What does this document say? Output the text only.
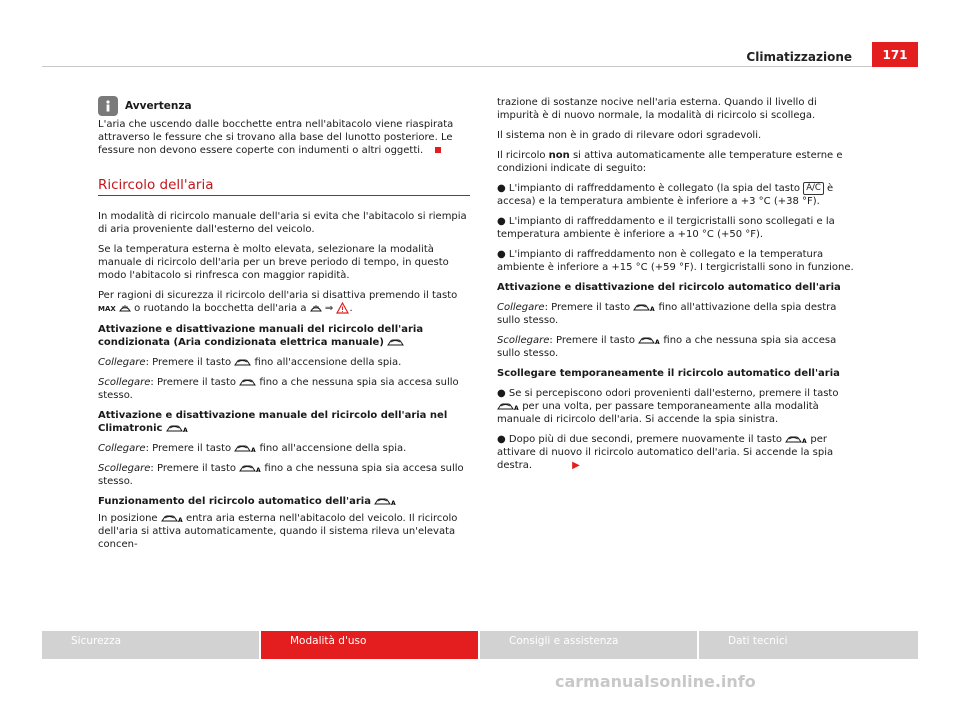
Climatizzazione	171
Avvertenza

L'aria che uscendo dalle bocchette entra nell'abitacolo viene riaspirata attraverso le fessure che si trovano alla base del lunotto posteriore. Le fessure non devono essere coperte con indumenti o altri oggetti.

Ricircolo dell'aria

In modalità di ricircolo manuale dell'aria si evita che l'abitacolo si riempia di aria proveniente dall'esterno del veicolo.

Se la temperatura esterna è molto elevata, selezionare la modalità manuale di ricircolo dell'aria per un breve periodo di tempo, in questo modo l'abitacolo si rinfresca con maggior rapidità.

Per ragioni di sicurezza il ricircolo dell'aria si disattiva premendo il tasto
MAX o ruotando la bocchetta dell'aria a  ⇒ .

Attivazione e disattivazione manuali del ricircolo dell'aria condizionata (Aria condizionata elettrica manuale)

Collegare: Premere il tasto fino all'accensione della spia.

Scollegare: Premere il tasto fino a che nessuna spia sia accesa sullo stesso.

Attivazione e disattivazione manuale del ricircolo dell'aria nel Climatronic	A

Collegare: Premere il tasto	A fino all'accensione della spia.

Scollegare: Premere il tasto	A fino a che nessuna spia sia accesa sullo stesso.

Funzionamento del ricircolo automatico dell'aria	A

In posizione	A entra aria esterna nell'abitacolo del veicolo. Il ricircolo dell'aria si attiva automaticamente, quando il sistema rileva un'elevata concen-

trazione di sostanze nocive nell'aria esterna. Quando il livello di impurità è di nuovo normale, la modalità di ricircolo si scollega.

Il sistema non è in grado di rilevare odori sgradevoli.

Il ricircolo non si attiva automaticamente alle temperature esterne e condizioni indicate di seguito:

● L'impianto di raffreddamento è collegato (la spia del tasto A/C è accesa) e la temperatura ambiente è inferiore a +3 °C (+38 °F).

● L'impianto di raffreddamento e il tergicristalli sono scollegati e la temperatura ambiente è inferiore a +10 °C (+50 °F).

● L'impianto di raffreddamento non è collegato e la temperatura ambiente è inferiore a +15 °C (+59 °F). I tergicristalli sono in funzione.

Attivazione e disattivazione del ricircolo automatico dell'aria

Collegare: Premere il tasto	A fino all'attivazione della spia destra sullo stesso.

Scollegare: Premere il tasto	A fino a che nessuna spia sia accesa sullo stesso.

Scollegare temporaneamente il ricircolo automatico dell'aria

● Se si percepiscono odori provenienti dall'esterno, premere il tasto
A per una volta, per passare temporaneamente alla modalità manuale di ricircolo dell'aria. Si accende la spia sinistra.

● Dopo più di due secondi, premere nuovamente il tasto	A per attivare di nuovo il ricircolo automatico dell'aria. Si accende la spia destra.	▶

Sicurezza	Modalità d'uso	Consigli e assistenza	Dati tecnici
carmanualsonline.info
